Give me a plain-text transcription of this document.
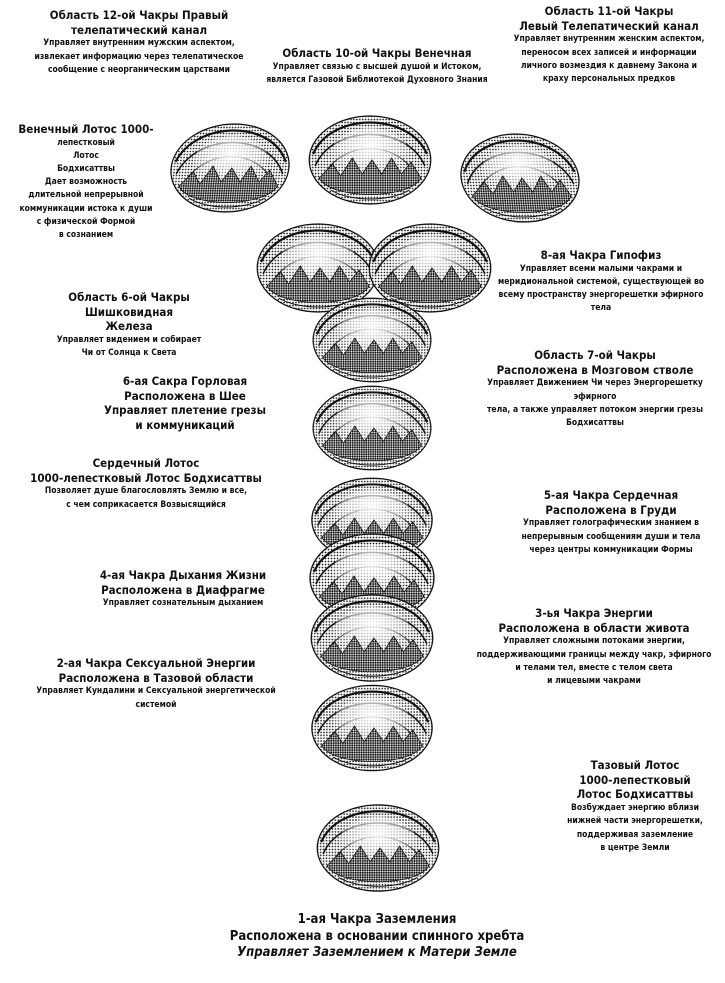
Область 12-ой Чакры Правый
телепатический канал
Управляет внутренним мужским аспектом,
извлекает информацию через телепатическое
сообщение с неорганическим царствами
Область 10-ой Чакры Венечная
Управляет связью с высшей душой и Истоком,
является Газовой Библиотекой Духовного Знания
Область 11-ой Чакры
Левый Телепатический канал
Управляет внутренним женским аспектом,
переносом всех записей и информации
личного возмездия к давнему Закона и
краху персональных предков
Венечный Лотос 1000-
лепестковый
Лотос
Бодхисаттвы
Дает возможность
длительной непрерывной
коммуникации истока к души
с физической Формой
в сознанием
8-ая Чакра Гипофиз
Управляет всеми малыми чакрами и
меридиональной системой, существующей во
всему пространству энергорешетки эфирного
тела
Область 6-ой Чакры Шишковидная
Железа
Управляет видением и собирает
Чи от Солнца к Света	Область 7-ой Чакры
Расположена в Мозговом стволе
Управляет Движением Чи через Энергорешетку эфирного
тела, а также управляет потоком энергии грезы
Бодхисаттвы
6-ая Сакра Горловая
Расположена в Шее
Управляет плетение грезы
и коммуникаций
Сердечный Лотос
1000-лепестковый Лотос Бодхисаттвы
Позволяет душе благословлять Землю и все,
с чем соприкасается Возвысящийся
5-ая Чакра Сердечная
Расположена в Груди
Управляет голографическим знанием в
непрерывным сообщениям души и тела
через центры коммуникации Формы
4-ая Чакра Дыхания Жизни
Расположена в Диафрагме
Управляет сознательным дыханием
3-ья Чакра Энергии
Расположена в области живота
Управляет сложными потоками энергии,
поддерживающими границы между чакр, эфирного
и телами тел, вместе с телом света
и лицевыми чакрами
2-ая Чакра Сексуальной Энергии
Расположена в Тазовой области
Управляет Кундалини и Сексуальной энергетической
системой
Тазовый Лотос
1000-лепестковый
Лотос Бодхисаттвы
Возбуждает энергию вблизи
нижней части энергорешетки,
поддерживая заземление
в центре Земли
1-ая Чакра Заземления
Расположена в основании спинного хребта
Управляет Заземлением к Матери Земле
